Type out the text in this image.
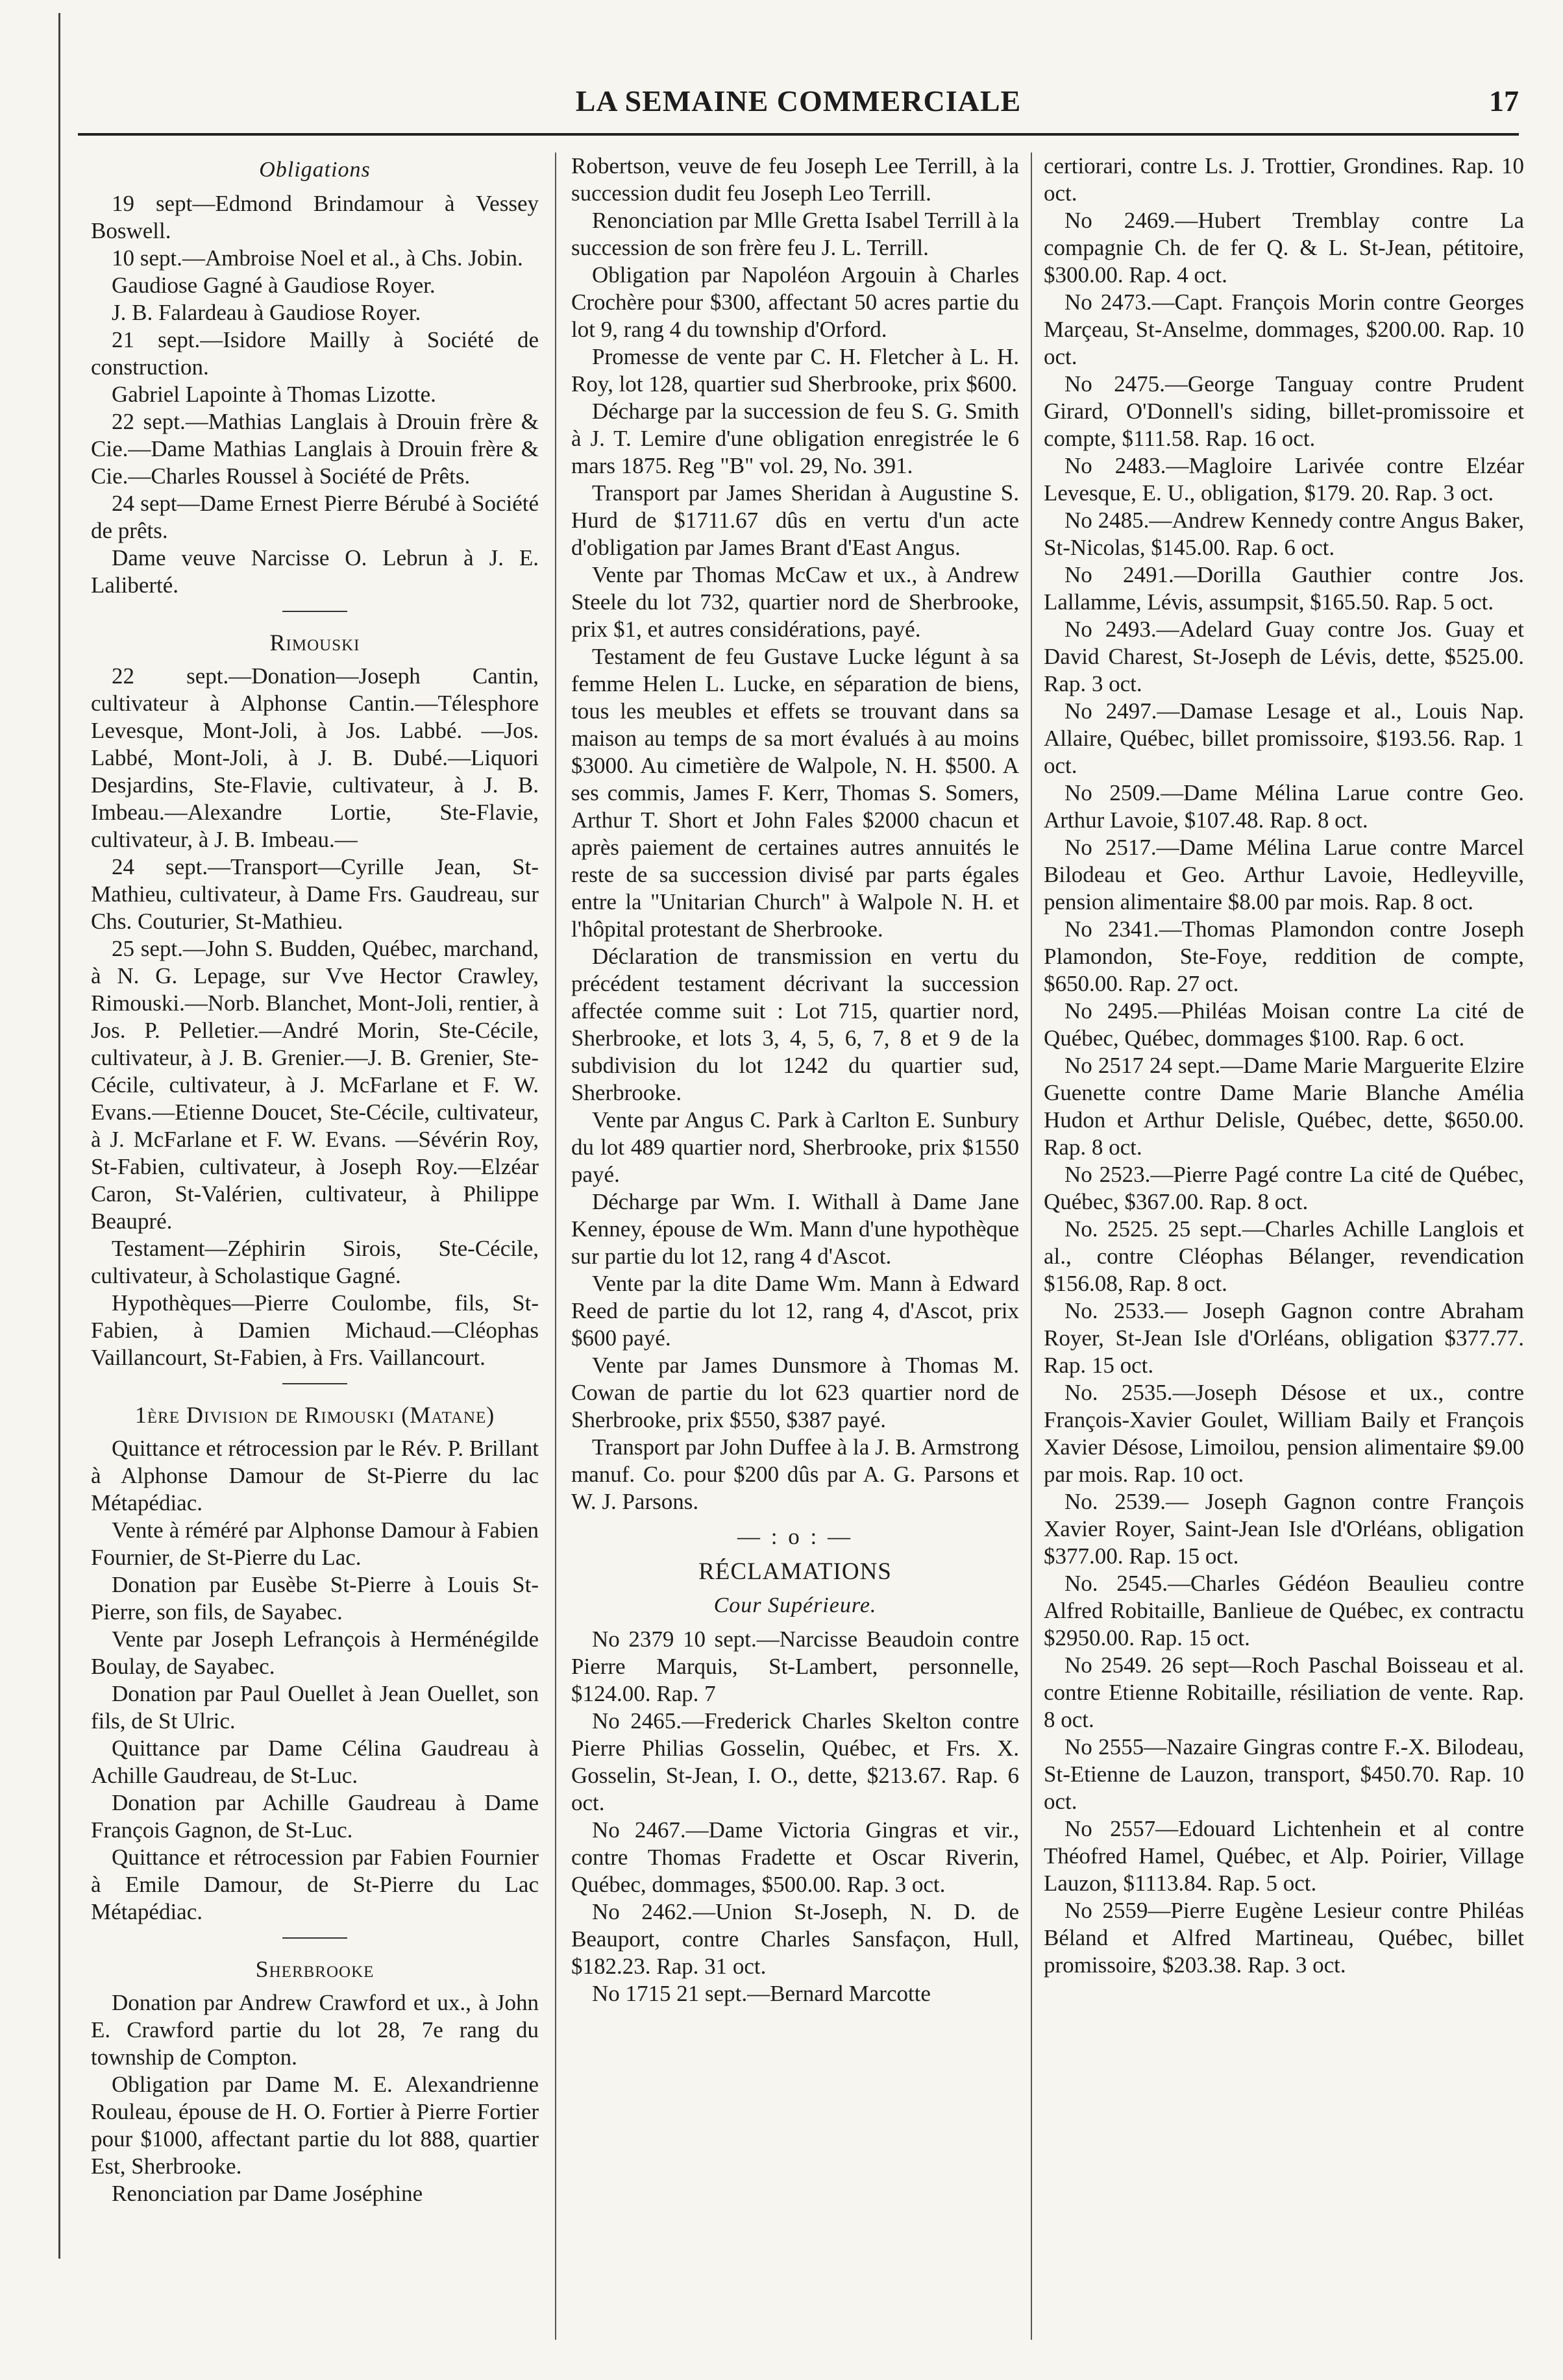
LA SEMAINE COMMERCIALE	17
Obligations

19 sept—Edmond Brindamour à Vessey Boswell.

10 sept.—Ambroise Noel et al., à Chs. Jobin.

Gaudiose Gagné à Gaudiose Royer.

J. B. Falardeau à Gaudiose Royer.

21 sept.—Isidore Mailly à Société de construction.

Gabriel Lapointe à Thomas Lizotte.

22 sept.—Mathias Langlais à Drouin frère & Cie.—Dame Mathias Langlais à Drouin frère & Cie.—Charles Roussel à Société de Prêts.

24 sept—Dame Ernest Pierre Bérubé à Société de prêts.

Dame veuve Narcisse O. Lebrun à J. E. Laliberté.

Rimouski

22 sept.—Donation—Joseph Cantin, cultivateur à Alphonse Cantin.—Télesphore Levesque, Mont-Joli, à Jos. Labbé. —Jos. Labbé, Mont-Joli, à J. B. Dubé.—Liquori Desjardins, Ste-Flavie, cultivateur, à J. B. Imbeau.—Alexandre Lortie, Ste-Flavie, cultivateur, à J. B. Imbeau.—

24 sept.—Transport—Cyrille Jean, St-Mathieu, cultivateur, à Dame Frs. Gaudreau, sur Chs. Couturier, St-Mathieu.

25 sept.—John S. Budden, Québec, marchand, à N. G. Lepage, sur Vve Hector Crawley, Rimouski.—Norb. Blanchet, Mont-Joli, rentier, à Jos. P. Pelletier.—André Morin, Ste-Cécile, cultivateur, à J. B. Grenier.—J. B. Grenier, Ste-Cécile, cultivateur, à J. McFarlane et F. W. Evans.—Etienne Doucet, Ste-Cécile, cultivateur, à J. McFarlane et F. W. Evans. —Sévérin Roy, St-Fabien, cultivateur, à Joseph Roy.—Elzéar Caron, St-Valérien, cultivateur, à Philippe Beaupré.

Testament—Zéphirin Sirois, Ste-Cécile, cultivateur, à Scholastique Gagné.

Hypothèques—Pierre Coulombe, fils, St-Fabien, à Damien Michaud.—Cléophas Vaillancourt, St-Fabien, à Frs. Vaillancourt.

1ère Division de Rimouski (Matane)

Quittance et rétrocession par le Rév. P. Brillant à Alphonse Damour de St-Pierre du lac Métapédiac.

Vente à réméré par Alphonse Damour à Fabien Fournier, de St-Pierre du Lac.

Donation par Eusèbe St-Pierre à Louis St-Pierre, son fils, de Sayabec.

Vente par Joseph Lefrançois à Herménégilde Boulay, de Sayabec.

Donation par Paul Ouellet à Jean Ouellet, son fils, de St Ulric.

Quittance par Dame Célina Gaudreau à Achille Gaudreau, de St-Luc.

Donation par Achille Gaudreau à Dame François Gagnon, de St-Luc.

Quittance et rétrocession par Fabien Fournier à Emile Damour, de St-Pierre du Lac Métapédiac.

Sherbrooke

Donation par Andrew Crawford et ux., à John E. Crawford partie du lot 28, 7e rang du township de Compton.

Obligation par Dame M. E. Alexandrienne Rouleau, épouse de H. O. Fortier à Pierre Fortier pour $1000, affectant partie du lot 888, quartier Est, Sherbrooke.

Renonciation par Dame Joséphine

Robertson, veuve de feu Joseph Lee Terrill, à la succession dudit feu Joseph Leo Terrill.

Renonciation par Mlle Gretta Isabel Terrill à la succession de son frère feu J. L. Terrill.

Obligation par Napoléon Argouin à Charles Crochère pour $300, affectant 50 acres partie du lot 9, rang 4 du township d'Orford.

Promesse de vente par C. H. Fletcher à L. H. Roy, lot 128, quartier sud Sherbrooke, prix $600.

Décharge par la succession de feu S. G. Smith à J. T. Lemire d'une obligation enregistrée le 6 mars 1875. Reg "B" vol. 29, No. 391.

Transport par James Sheridan à Augustine S. Hurd de $1711.67 dûs en vertu d'un acte d'obligation par James Brant d'East Angus.

Vente par Thomas McCaw et ux., à Andrew Steele du lot 732, quartier nord de Sherbrooke, prix $1, et autres considérations, payé.

Testament de feu Gustave Lucke légunt à sa femme Helen L. Lucke, en séparation de biens, tous les meubles et effets se trouvant dans sa maison au temps de sa mort évalués à au moins $3000. Au cimetière de Walpole, N. H. $500. A ses commis, James F. Kerr, Thomas S. Somers, Arthur T. Short et John Fales $2000 chacun et après paiement de certaines autres annuités le reste de sa succession divisé par parts égales entre la "Unitarian Church" à Walpole N. H. et l'hôpital protestant de Sherbrooke.

Déclaration de transmission en vertu du précédent testament décrivant la succession affectée comme suit : Lot 715, quartier nord, Sherbrooke, et lots 3, 4, 5, 6, 7, 8 et 9 de la subdivision du lot 1242 du quartier sud, Sherbrooke.

Vente par Angus C. Park à Carlton E. Sunbury du lot 489 quartier nord, Sherbrooke, prix $1550 payé.

Décharge par Wm. I. Withall à Dame Jane Kenney, épouse de Wm. Mann d'une hypothèque sur partie du lot 12, rang 4 d'Ascot.

Vente par la dite Dame Wm. Mann à Edward Reed de partie du lot 12, rang 4, d'Ascot, prix $600 payé.

Vente par James Dunsmore à Thomas M. Cowan de partie du lot 623 quartier nord de Sherbrooke, prix $550, $387 payé.

Transport par John Duffee à la J. B. Armstrong manuf. Co. pour $200 dûs par A. G. Parsons et W. J. Parsons.

— : o : —
RÉCLAMATIONS
Cour Supérieure.

No 2379 10 sept.—Narcisse Beaudoin contre Pierre Marquis, St-Lambert, personnelle, $124.00. Rap. 7

No 2465.—Frederick Charles Skelton contre Pierre Philias Gosselin, Québec, et Frs. X. Gosselin, St-Jean, I. O., dette, $213.67. Rap. 6 oct.

No 2467.—Dame Victoria Gingras et vir., contre Thomas Fradette et Oscar Riverin, Québec, dommages, $500.00. Rap. 3 oct.

No 2462.—Union St-Joseph, N. D. de Beauport, contre Charles Sansfaçon, Hull, $182.23. Rap. 31 oct.

No 1715 21 sept.—Bernard Marcotte

certiorari, contre Ls. J. Trottier, Grondines. Rap. 10 oct.

No 2469.—Hubert Tremblay contre La compagnie Ch. de fer Q. & L. St-Jean, pétitoire, $300.00. Rap. 4 oct.

No 2473.—Capt. François Morin contre Georges Marçeau, St-Anselme, dommages, $200.00. Rap. 10 oct.

No 2475.—George Tanguay contre Prudent Girard, O'Donnell's siding, billet-promissoire et compte, $111.58. Rap. 16 oct.

No 2483.—Magloire Larivée contre Elzéar Levesque, E. U., obligation, $179. 20. Rap. 3 oct.

No 2485.—Andrew Kennedy contre Angus Baker, St-Nicolas, $145.00. Rap. 6 oct.

No 2491.—Dorilla Gauthier contre Jos. Lallamme, Lévis, assumpsit, $165.50. Rap. 5 oct.

No 2493.—Adelard Guay contre Jos. Guay et David Charest, St-Joseph de Lévis, dette, $525.00. Rap. 3 oct.

No 2497.—Damase Lesage et al., Louis Nap. Allaire, Québec, billet promissoire, $193.56. Rap. 1 oct.

No 2509.—Dame Mélina Larue contre Geo. Arthur Lavoie, $107.48. Rap. 8 oct.

No 2517.—Dame Mélina Larue contre Marcel Bilodeau et Geo. Arthur Lavoie, Hedleyville, pension alimentaire $8.00 par mois. Rap. 8 oct.

No 2341.—Thomas Plamondon contre Joseph Plamondon, Ste-Foye, reddition de compte, $650.00. Rap. 27 oct.

No 2495.—Philéas Moisan contre La cité de Québec, Québec, dommages $100. Rap. 6 oct.

No 2517 24 sept.—Dame Marie Marguerite Elzire Guenette contre Dame Marie Blanche Amélia Hudon et Arthur Delisle, Québec, dette, $650.00. Rap. 8 oct.

No 2523.—Pierre Pagé contre La cité de Québec, Québec, $367.00. Rap. 8 oct.

No. 2525. 25 sept.—Charles Achille Langlois et al., contre Cléophas Bélanger, revendication $156.08, Rap. 8 oct.

No. 2533.— Joseph Gagnon contre Abraham Royer, St-Jean Isle d'Orléans, obligation $377.77. Rap. 15 oct.

No. 2535.—Joseph Désose et ux., contre François-Xavier Goulet, William Baily et François Xavier Désose, Limoilou, pension alimentaire $9.00 par mois. Rap. 10 oct.

No. 2539.— Joseph Gagnon contre François Xavier Royer, Saint-Jean Isle d'Orléans, obligation $377.00. Rap. 15 oct.

No. 2545.—Charles Gédéon Beaulieu contre Alfred Robitaille, Banlieue de Québec, ex contractu $2950.00. Rap. 15 oct.

No 2549. 26 sept—Roch Paschal Boisseau et al. contre Etienne Robitaille, résiliation de vente. Rap. 8 oct.

No 2555—Nazaire Gingras contre F.-X. Bilodeau, St-Etienne de Lauzon, transport, $450.70. Rap. 10 oct.

No 2557—Edouard Lichtenhein et al contre Théofred Hamel, Québec, et Alp. Poirier, Village Lauzon, $1113.84. Rap. 5 oct.

No 2559—Pierre Eugène Lesieur contre Philéas Béland et Alfred Martineau, Québec, billet promissoire, $203.38. Rap. 3 oct.
